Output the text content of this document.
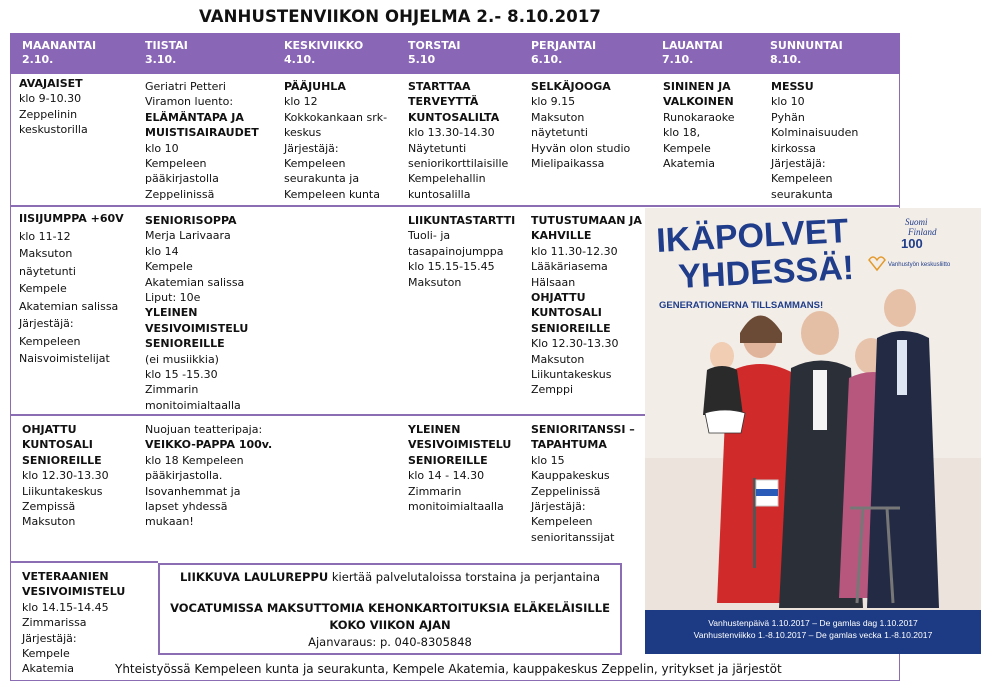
VANHUSTENVIIKON OHJELMA 2.- 8.10.2017
MAANANTAI
2.10.
TIISTAI
3.10.
KESKIVIIKKO
4.10.
TORSTAI
5.10
PERJANTAI
6.10.
LAUANTAI
7.10.
SUNNUNTAI
8.10.
AVAJAISET
klo 9-10.30
Zeppelinin
keskustorilla
Geriatri Petteri
Viramon luento:
ELÄMÄNTAPA JA
MUISTISAIRAUDET
klo 10
Kempeleen
pääkirjastolla
Zeppelinissä
PÄÄJUHLA
klo 12
Kokkokankaan srk-
keskus
Järjestäjä:
Kempeleen
seurakunta ja
Kempeleen kunta
STARTTAA
TERVEYTTÄ
KUNTOSALILTA
klo 13.30-14.30
Näytetunti
seniorikorttilaisille
Kempelehallin
kuntosalilla
SELKÄJOOGA
klo 9.15
Maksuton
näytetunti
Hyvän olon studio
Mielipaikassa
SININEN JA
VALKOINEN
Runokaraoke
klo 18,
Kempele
Akatemia
MESSU
klo 10
Pyhän
Kolminaisuuden
kirkossa
Järjestäjä:
Kempeleen
seurakunta
IISIJUMPPA +60V
klo 11-12
Maksuton
näytetunti
Kempele
Akatemian salissa
Järjestäjä:
Kempeleen
Naisvoimistelijat
SENIORISOPPA
Merja Larivaara
klo 14
Kempele
Akatemian salissa
Liput: 10e
YLEINEN
VESIVOIMISTELU
SENIOREILLE
(ei musiikkia)
klo 15 -15.30
Zimmarin
monitoimialtaalla
LIIKUNTASTARTTI
Tuoli- ja
tasapainojumppa
klo 15.15-15.45
Maksuton
TUTUSTUMAAN JA
KAHVILLE
klo 11.30-12.30
Lääkäriasema
Hälsaan
OHJATTU
KUNTOSALI
SENIOREILLE
Klo 12.30-13.30
Maksuton
Liikuntakeskus
Zemppi
OHJATTU
KUNTOSALI
SENIOREILLE
klo 12.30-13.30
Liikuntakeskus
Zempissä
Maksuton
Nuojuan teatteripaja:
VEIKKO-PAPPA 100v.
klo 18 Kempeleen
pääkirjastolla.
Isovanhemmat ja
lapset yhdessä
mukaan!
YLEINEN
VESIVOIMISTELU
SENIOREILLE
klo 14 - 14.30
Zimmarin
monitoimialtaalla
SENIORITANSSI –
TAPAHTUMA
klo 15
Kauppakeskus
Zeppelinissä
Järjestäjä:
Kempeleen
senioritanssijat
VETERAANIEN
VESIVOIMISTELU
klo 14.15-14.45
Zimmarissa
Järjestäjä:
Kempele
Akatemia
LIIKKUVA LAULUREPPU kiertää palvelutaloissa torstaina ja perjantaina
VOCATUMISSA MAKSUTTOMIA KEHONKARTOITUKSIA ELÄKELÄISILLE
KOKO VIIKON AJAN
Ajanvaraus: p. 040-8305848
Yhteistyössä Kempeleen kunta ja seurakunta, Kempele Akatemia, kauppakeskus Zeppelin, yritykset ja järjestöt
IKÄPOLVET
YHDESSÄ!
GENERATIONERNA TILLSAMMANS!
Suomi
Finland
100
Vanhustyön keskusliitto
Vanhustenpäivä 1.10.2017 – De gamlas dag 1.10.2017
Vanhustenviikko 1.-8.10.2017 – De gamlas vecka 1.-8.10.2017
